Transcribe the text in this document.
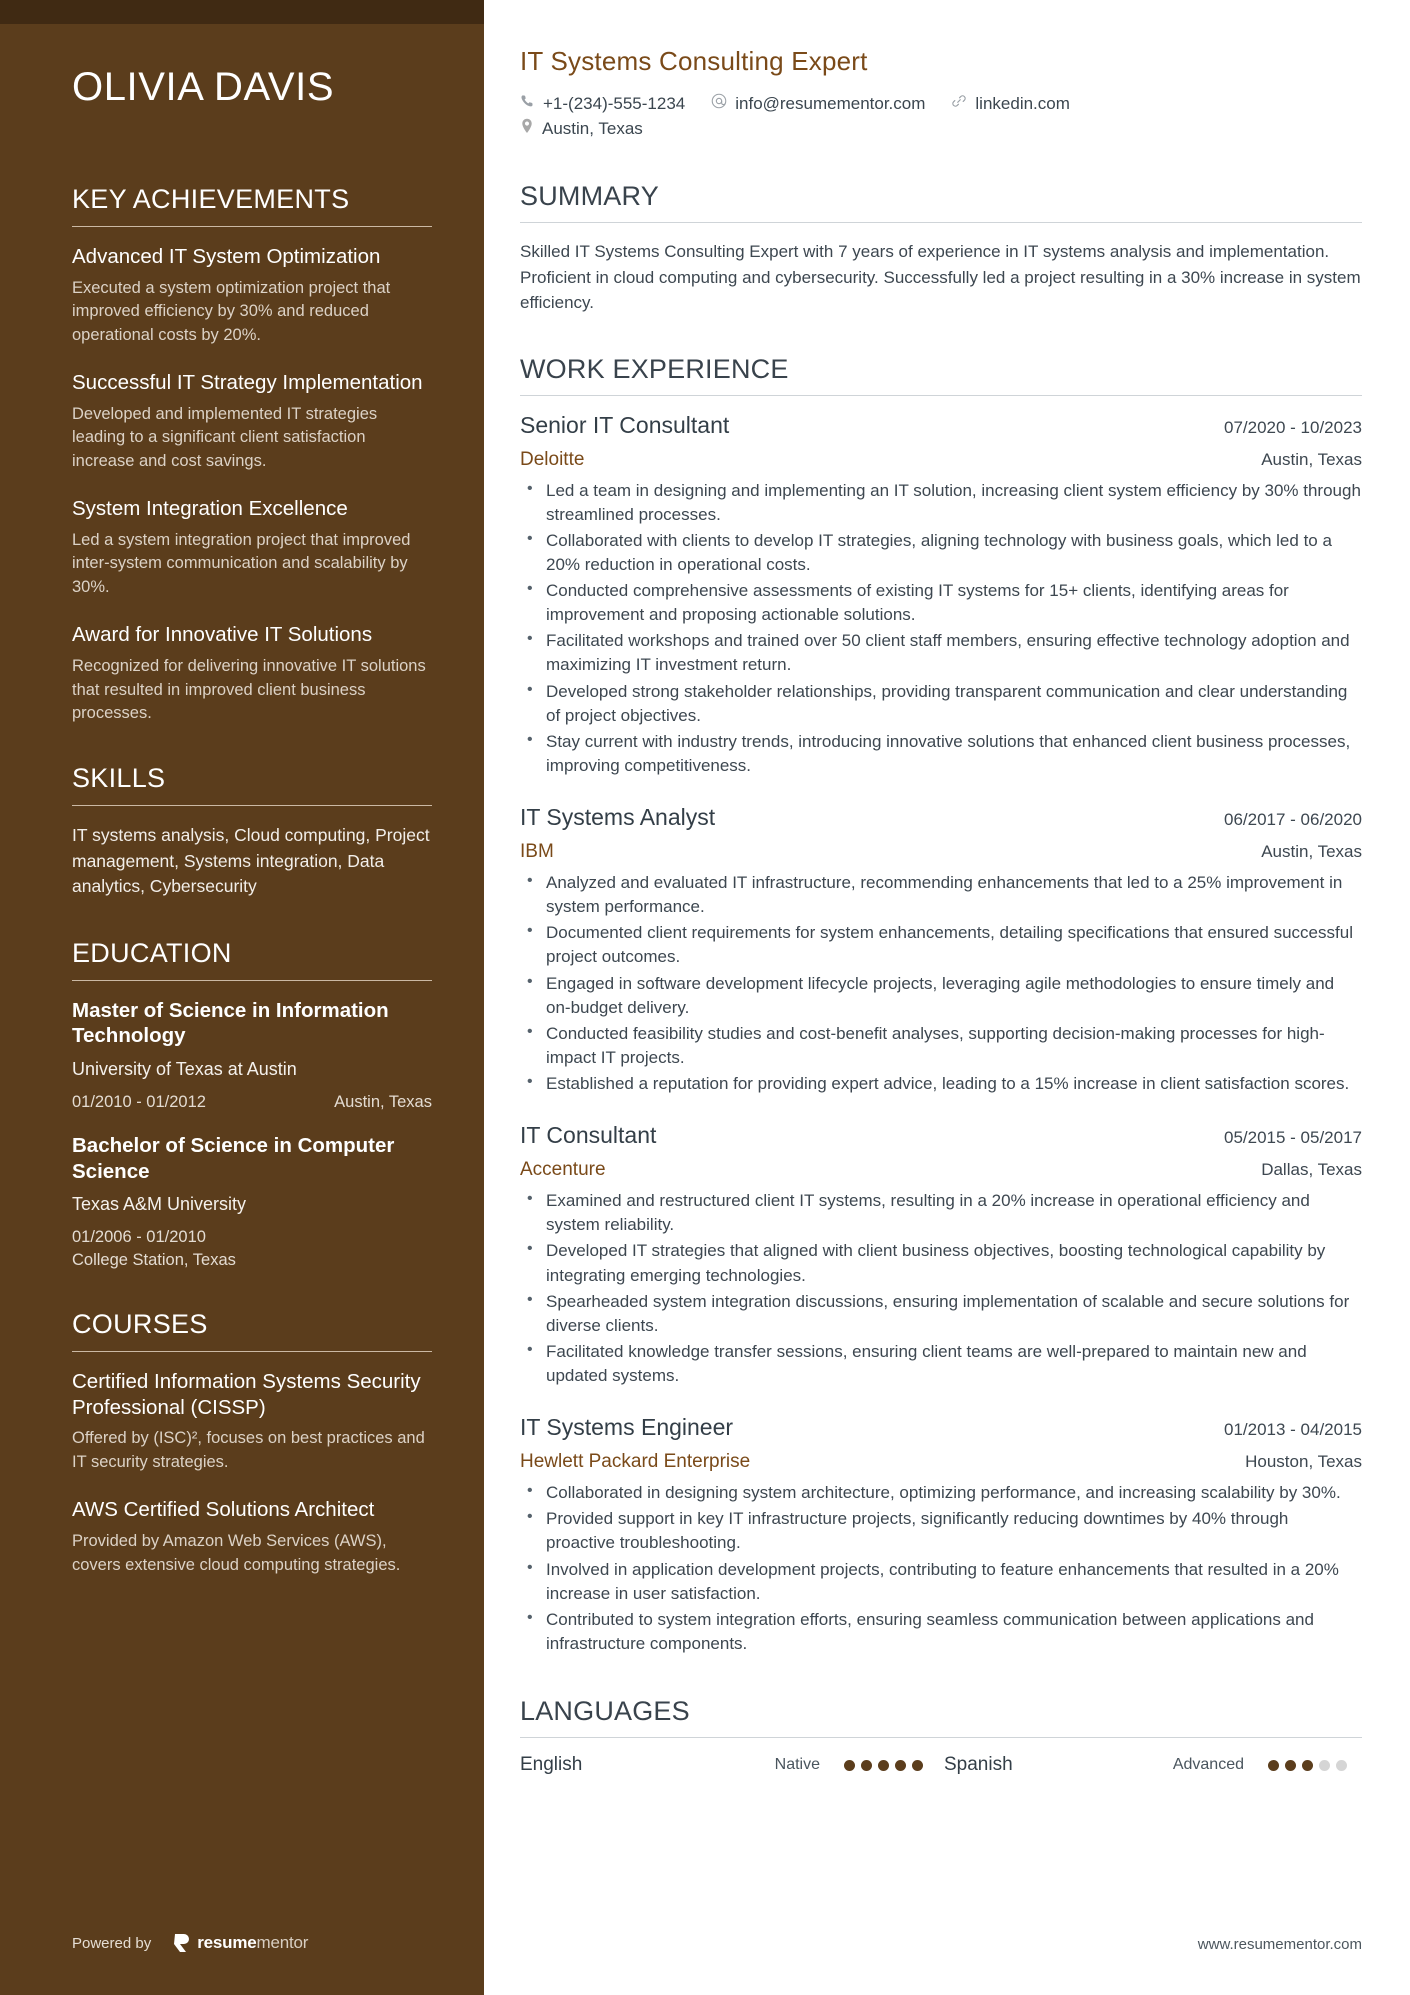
OLIVIA DAVIS
KEY ACHIEVEMENTS
Advanced IT System Optimization
Executed a system optimization project that improved efficiency by 30% and reduced operational costs by 20%.
Successful IT Strategy Implementation
Developed and implemented IT strategies leading to a significant client satisfaction increase and cost savings.
System Integration Excellence
Led a system integration project that improved inter-system communication and scalability by 30%.
Award for Innovative IT Solutions
Recognized for delivering innovative IT solutions that resulted in improved client business processes.
SKILLS
IT systems analysis, Cloud computing, Project management, Systems integration, Data analytics, Cybersecurity
EDUCATION
Master of Science in Information Technology
University of Texas at Austin
01/2010 - 01/2012	Austin, Texas
Bachelor of Science in Computer Science
Texas A&M University
01/2006 - 01/2010
College Station, Texas
COURSES
Certified Information Systems Security Professional (CISSP)
Offered by (ISC)², focuses on best practices and IT security strategies.
AWS Certified Solutions Architect
Provided by Amazon Web Services (AWS), covers extensive cloud computing strategies.
Powered by	resumementor
IT Systems Consulting Expert
+1-(234)-555-1234	info@resumementor.com	linkedin.com
Austin, Texas
SUMMARY

Skilled IT Systems Consulting Expert with 7 years of experience in IT systems analysis and implementation. Proficient in cloud computing and cybersecurity. Successfully led a project resulting in a 30% increase in system efficiency.

WORK EXPERIENCE
Senior IT Consultant	07/2020 - 10/2023
Deloitte	Austin, Texas
• Led a team in designing and implementing an IT solution, increasing client system efficiency by 30% through streamlined processes.
• Collaborated with clients to develop IT strategies, aligning technology with business goals, which led to a 20% reduction in operational costs.
• Conducted comprehensive assessments of existing IT systems for 15+ clients, identifying areas for improvement and proposing actionable solutions.
• Facilitated workshops and trained over 50 client staff members, ensuring effective technology adoption and maximizing IT investment return.
• Developed strong stakeholder relationships, providing transparent communication and clear understanding of project objectives.
• Stay current with industry trends, introducing innovative solutions that enhanced client business processes, improving competitiveness.
IT Systems Analyst	06/2017 - 06/2020
IBM	Austin, Texas
• Analyzed and evaluated IT infrastructure, recommending enhancements that led to a 25% improvement in system performance.
• Documented client requirements for system enhancements, detailing specifications that ensured successful project outcomes.
• Engaged in software development lifecycle projects, leveraging agile methodologies to ensure timely and on-budget delivery.
• Conducted feasibility studies and cost-benefit analyses, supporting decision-making processes for high-impact IT projects.
• Established a reputation for providing expert advice, leading to a 15% increase in client satisfaction scores.
IT Consultant	05/2015 - 05/2017
Accenture	Dallas, Texas
• Examined and restructured client IT systems, resulting in a 20% increase in operational efficiency and system reliability.
• Developed IT strategies that aligned with client business objectives, boosting technological capability by integrating emerging technologies.
• Spearheaded system integration discussions, ensuring implementation of scalable and secure solutions for diverse clients.
• Facilitated knowledge transfer sessions, ensuring client teams are well-prepared to maintain new and updated systems.
IT Systems Engineer	01/2013 - 04/2015
Hewlett Packard Enterprise	Houston, Texas
• Collaborated in designing system architecture, optimizing performance, and increasing scalability by 30%.
• Provided support in key IT infrastructure projects, significantly reducing downtimes by 40% through proactive troubleshooting.
• Involved in application development projects, contributing to feature enhancements that resulted in a 20% increase in user satisfaction.
• Contributed to system integration efforts, ensuring seamless communication between applications and infrastructure components.
LANGUAGES
English	Native	Spanish	Advanced
www.resumementor.com
